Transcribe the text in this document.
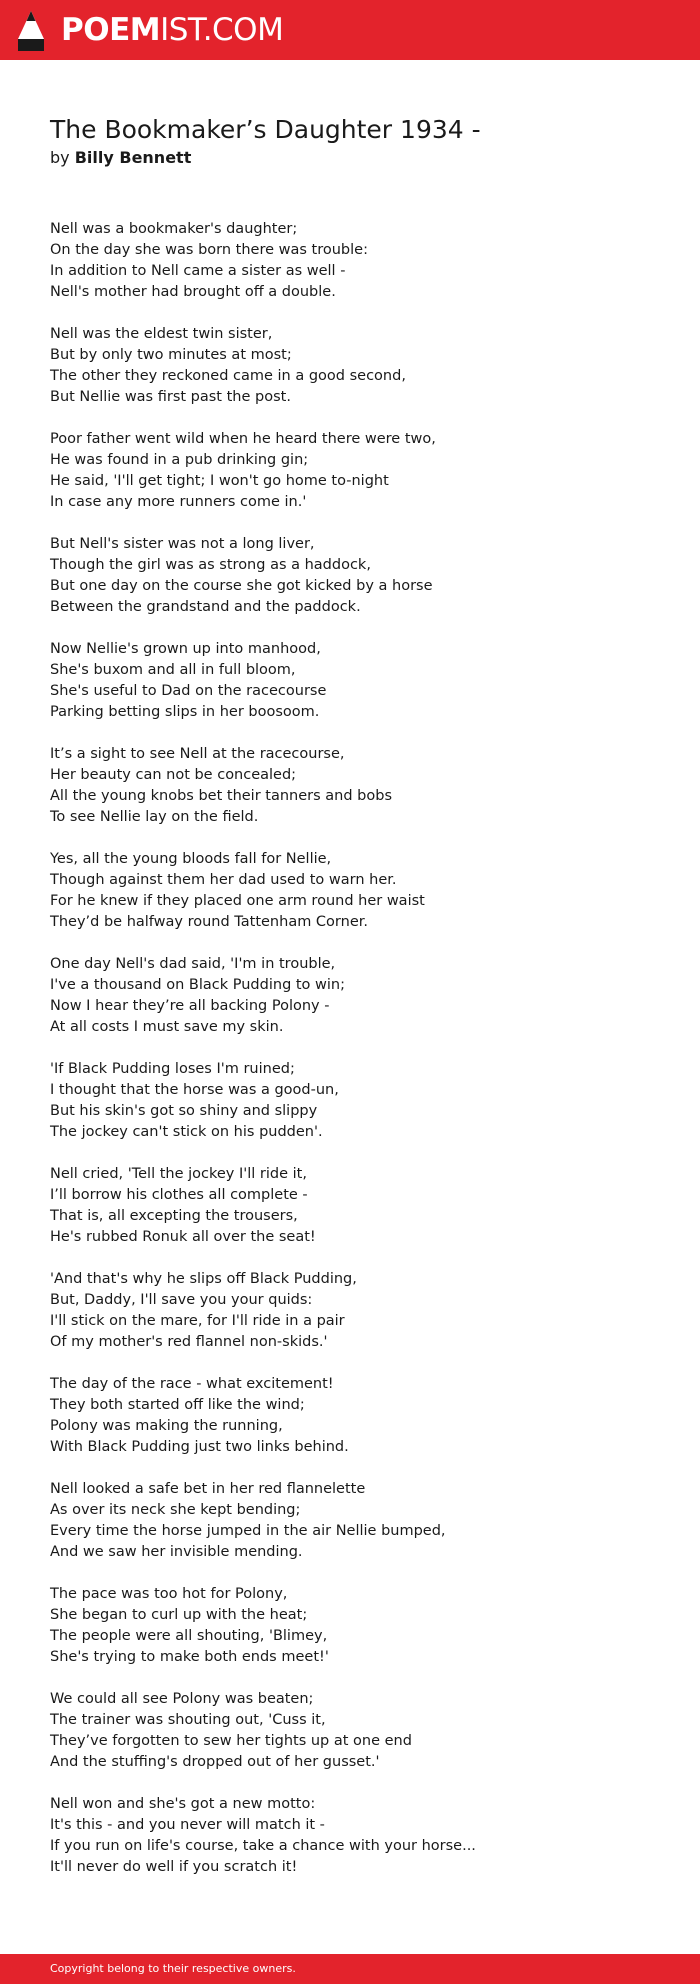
POEMIST.COM
The Bookmaker’s Daughter 1934 -
by Billy Bennett
Nell was a bookmaker's daughter;
On the day she was born there was trouble:
In addition to Nell came a sister as well -
Nell's mother had brought off a double.
Nell was the eldest twin sister,
But by only two minutes at most;
The other they reckoned came in a good second,
But Nellie was first past the post.
Poor father went wild when he heard there were two,
He was found in a pub drinking gin;
He said, 'I'll get tight; I won't go home to-night
In case any more runners come in.'
But Nell's sister was not a long liver,
Though the girl was as strong as a haddock,
But one day on the course she got kicked by a horse
Between the grandstand and the paddock.
Now Nellie's grown up into manhood,
She's buxom and all in full bloom,
She's useful to Dad on the racecourse
Parking betting slips in her boosoom.
It’s a sight to see Nell at the racecourse,
Her beauty can not be concealed;
All the young knobs bet their tanners and bobs
To see Nellie lay on the field.
Yes, all the young bloods fall for Nellie,
Though against them her dad used to warn her.
For he knew if they placed one arm round her waist
They’d be halfway round Tattenham Corner.
One day Nell's dad said, 'I'm in trouble,
I've a thousand on Black Pudding to win;
Now I hear they’re all backing Polony -
At all costs I must save my skin.
'If Black Pudding loses I'm ruined;
I thought that the horse was a good-un,
But his skin's got so shiny and slippy
The jockey can't stick on his pudden'.
Nell cried, 'Tell the jockey I'll ride it,
I’ll borrow his clothes all complete -
That is, all excepting the trousers,
He's rubbed Ronuk all over the seat!
'And that's why he slips off Black Pudding,
But, Daddy, I'll save you your quids:
I'll stick on the mare, for I'll ride in a pair
Of my mother's red flannel non-skids.'
The day of the race - what excitement!
They both started off like the wind;
Polony was making the running,
With Black Pudding just two links behind.
Nell looked a safe bet in her red flannelette
As over its neck she kept bending;
Every time the horse jumped in the air Nellie bumped,
And we saw her invisible mending.
The pace was too hot for Polony,
She began to curl up with the heat;
The people were all shouting, 'Blimey,
She's trying to make both ends meet!'
We could all see Polony was beaten;
The trainer was shouting out, 'Cuss it,
They’ve forgotten to sew her tights up at one end
And the stuffing's dropped out of her gusset.'
Nell won and she's got a new motto:
It's this - and you never will match it -
If you run on life's course, take a chance with your horse...
It'll never do well if you scratch it!
Copyright belong to their respective owners.
